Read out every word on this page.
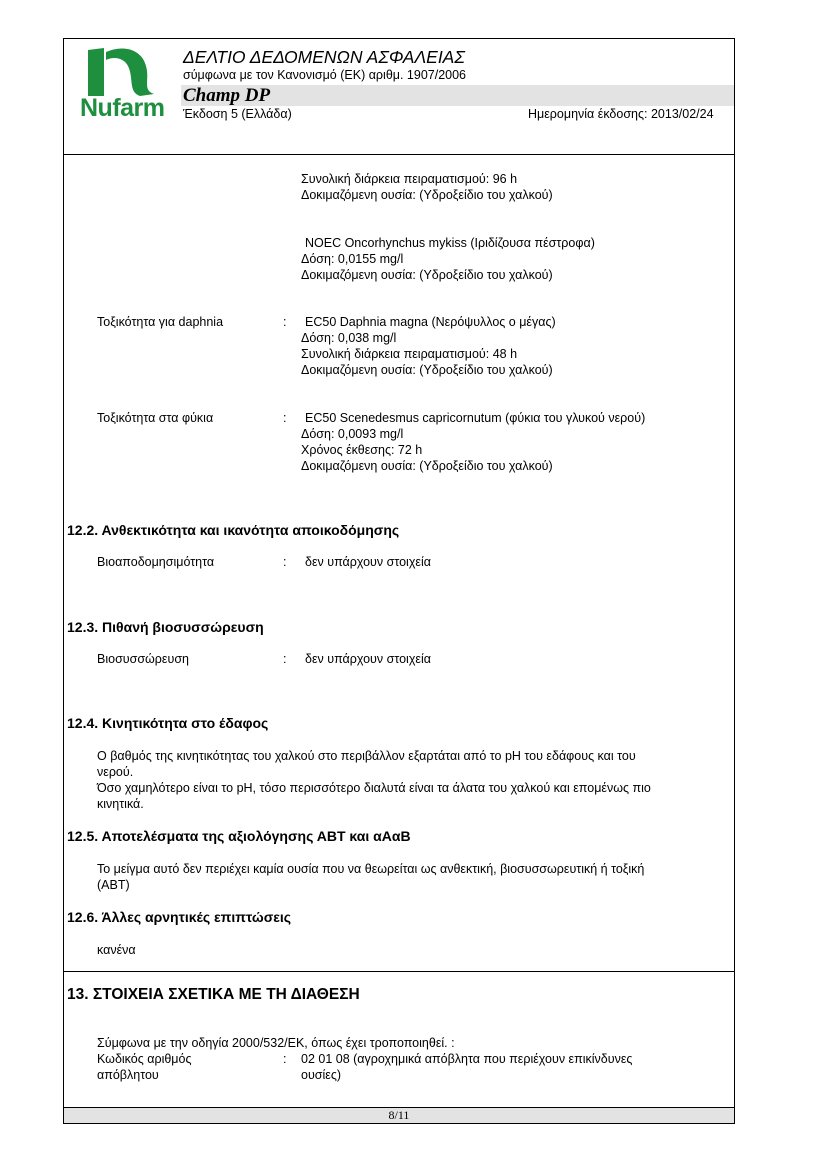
Nufarm
ΔΕΛΤΙΟ ΔΕΔΟΜΕΝΩΝ ΑΣΦΑΛΕΙΑΣ
σύμφωνα με τον Κανονισμό (ΕΚ) αριθμ. 1907/2006
Champ DP
Έκδοση 5 (Ελλάδα)	Ημερομηνία έκδοσης: 2013/02/24
Συνολική διάρκεια πειραματισμού: 96 h
Δοκιμαζόμενη ουσία: (Υδροξείδιο του χαλκού)
NOEC Oncorhynchus mykiss (Ιριδίζουσα πέστροφα)
Δόση: 0,0155 mg/l
Δοκιμαζόμενη ουσία: (Υδροξείδιο του χαλκού)
Τοξικότητα για daphnia	: EC50 Daphnia magna (Νερόψυλλος ο μέγας)
Δόση: 0,038 mg/l
Συνολική διάρκεια πειραματισμού: 48 h
Δοκιμαζόμενη ουσία: (Υδροξείδιο του χαλκού)
Τοξικότητα στα φύκια	: EC50 Scenedesmus capricornutum (φύκια του γλυκού νερού)
Δόση: 0,0093 mg/l
Χρόνος έκθεσης: 72 h
Δοκιμαζόμενη ουσία: (Υδροξείδιο του χαλκού)
12.2. Ανθεκτικότητα και ικανότητα αποικοδόμησης
Βιοαποδομησιμότητα	: δεν υπάρχουν στοιχεία
12.3. Πιθανή βιοσυσσώρευση
Βιοσυσσώρευση	: δεν υπάρχουν στοιχεία
12.4. Κινητικότητα στο έδαφος
Ο βαθμός της κινητικότητας του χαλκού στο περιβάλλον εξαρτάται από το pH του εδάφους και του
νερού.
Όσο χαμηλότερο είναι το pH, τόσο περισσότερο διαλυτά είναι τα άλατα του χαλκού και επομένως πιο
κινητικά.
12.5. Αποτελέσματα της αξιολόγησης ΑΒΤ και αΑαΒ
Το μείγμα αυτό δεν περιέχει καμία ουσία που να θεωρείται ως ανθεκτική, βιοσυσσωρευτική ή τοξική
(ΑΒΤ)
12.6. Άλλες αρνητικές επιπτώσεις
κανένα
13. ΣΤΟΙΧΕΙΑ ΣΧΕΤΙΚΑ ΜΕ ΤΗ ΔΙΑΘΕΣΗ
Σύμφωνα με την οδηγία 2000/532/ΕΚ, όπως έχει τροποποιηθεί. :
Κωδικός αριθμός
απόβλητου
: 02 01 08 (αγροχημικά απόβλητα που περιέχουν επικίνδυνες
ουσίες)
8/11
